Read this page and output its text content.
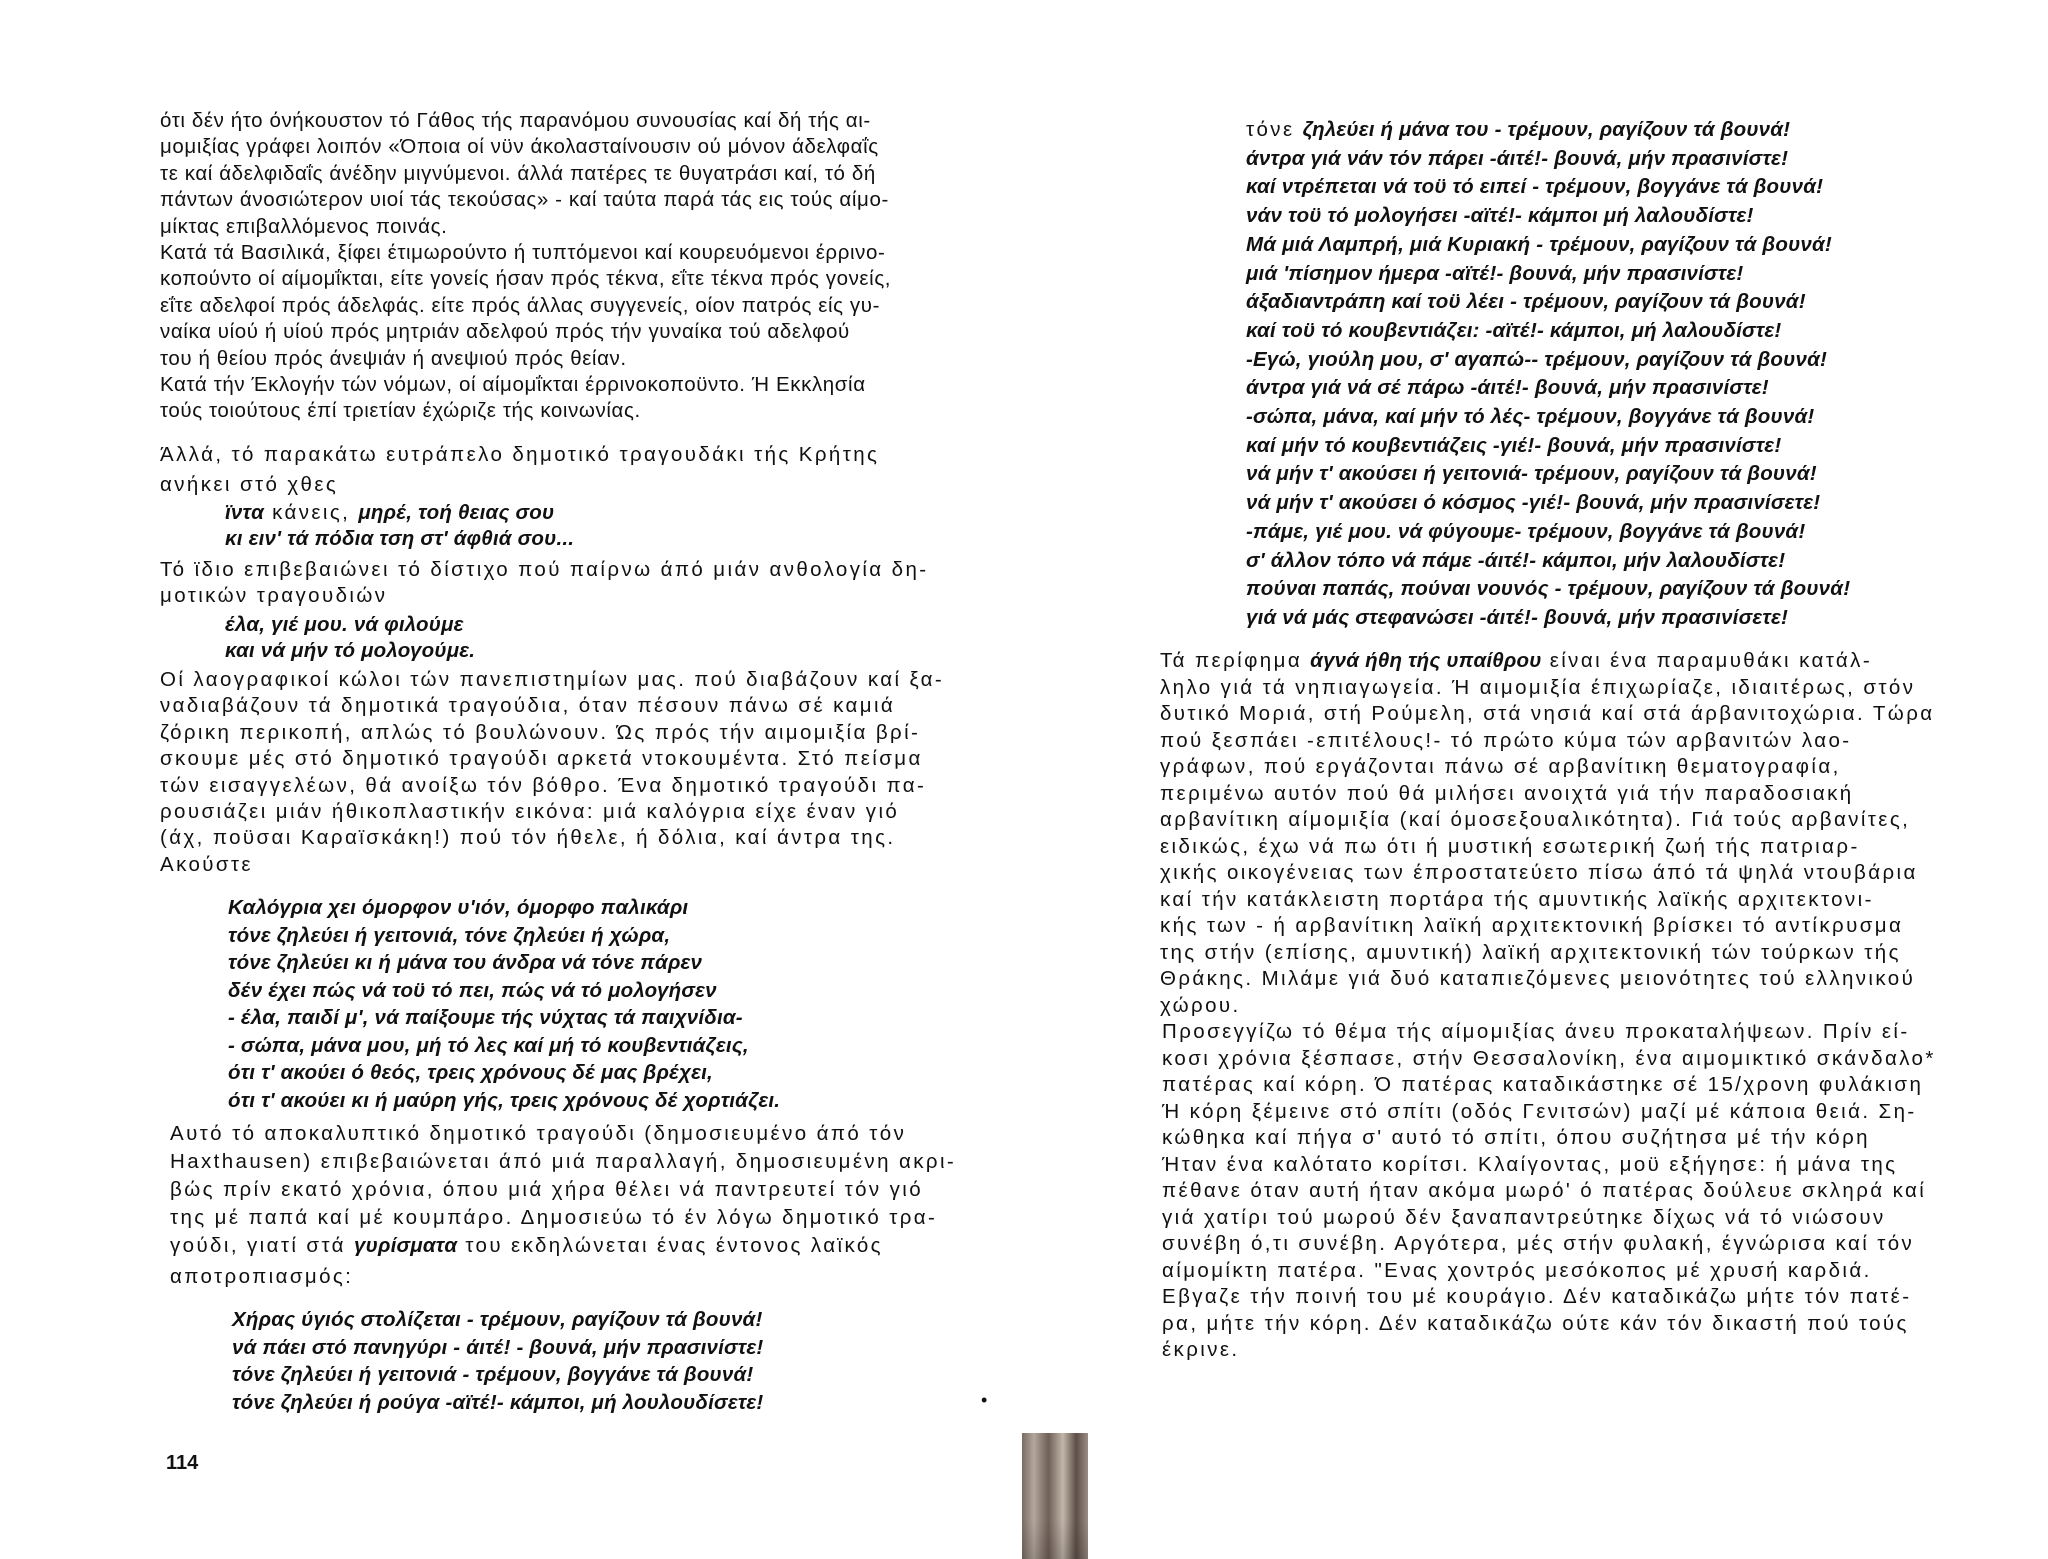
ότι δέν ήτο όνήκουστον τό Γάθος τής παρανόμου συνουσίας καί δή τής αι-
μομιξίας γράφει λοιπόν «Όποια οί νϋν άκολασταίνουσιν ού μόνον άδελφαΐς
τε καί άδελφιδαΐς άνέδην μιγνύμενοι. άλλά πατέρες τε θυγατράσι καί, τό δή
πάντων άνοσιώτερον υιοί τάς τεκούσας» - καί ταύτα παρά τάς εις τούς αίμο-
μίκτας επιβαλλόμενος ποινάς.
Κατά τά Βασιλικά, ξίφει έτιμωρούντο ή τυπτόμενοι καί κουρευόμενοι έρρινο-
κοπούντο οί αίμομΐκται, είτε γονείς ήσαν πρός τέκνα, εΐτε τέκνα πρός γονείς,
εΐτε αδελφοί πρός άδελφάς. είτε πρός άλλας συγγενείς, οίον πατρός είς γυ-
ναίκα υίού ή υίού πρός μητριάν αδελφού πρός τήν γυναίκα τού αδελφού
του ή θείου πρός άνεψιάν ή ανεψιού πρός θείαν.
Κατά τήν Έκλογήν τών νόμων, οί αίμομΐκται έρρινοκοποϋντο. Ή Εκκλησία
τούς τοιούτους έπί τριετίαν έχώριζε τής κοινωνίας.
Άλλά, τό παρακάτω ευτράπελο δημοτικό τραγουδάκι τής Κρήτης
ανήκει στό χθες
ϊντα κάνεις, μηρέ, τοή θειας σου
κι ειν' τά πόδια τση στ' άφθιά σου...
Τό ϊδιο επιβεβαιώνει τό δίστιχο πού παίρνω άπό μιάν ανθολογία δη-
μοτικών τραγουδιών
έλα, γιέ μου. νά φιλούμε
και νά μήν τό μολογούμε.
Οί λαογραφικοί κώλοι τών πανεπιστημίων μας. πού διαβάζουν καί ξα-
ναδιαβάζουν τά δημοτικά τραγούδια, όταν πέσουν πάνω σέ καμιά
ζόρικη περικοπή, απλώς τό βουλώνουν. Ώς πρός τήν αιμομιξία βρί-
σκουμε μές στό δημοτικό τραγούδι αρκετά ντοκουμέντα. Στό πείσμα
τών εισαγγελέων, θά ανοίξω τόν βόθρο. Ένα δημοτικό τραγούδι πα-
ρουσιάζει μιάν ήθικοπλαστικήν εικόνα: μιά καλόγρια είχε έναν γιό
(άχ, ποϋσαι Καραϊσκάκη!) πού τόν ήθελε, ή δόλια, καί άντρα της.
Ακούστε
Καλόγρια χει όμορφον υ'ιόν, όμορφο παλικάρι
τόνε ζηλεύει ή γειτονιά, τόνε ζηλεύει ή χώρα,
τόνε ζηλεύει κι ή μάνα του άνδρα νά τόνε πάρεν
δέν έχει πώς νά τοϋ τό πει, πώς νά τό μολογήσεν
- έλα, παιδί μ', νά παίξουμε τής νύχτας τά παιχνίδια-
- σώπα, μάνα μου, μή τό λες καί μή τό κουβεντιάζεις,
ότι τ' ακούει ό θεός, τρεις χρόνους δέ μας βρέχει,
ότι τ' ακούει κι ή μαύρη γής, τρεις χρόνους δέ χορτιάζει.
Αυτό τό αποκαλυπτικό δημοτικό τραγούδι (δημοσιευμένο άπό τόν
Haxthausen) επιβεβαιώνεται άπό μιά παραλλαγή, δημοσιευμένη ακρι-
βώς πρίν εκατό χρόνια, όπου μιά χήρα θέλει νά παντρευτεί τόν γιό
της μέ παπά καί μέ κουμπάρο. Δημοσιεύω τό έν λόγω δημοτικό τρα-
γούδι, γιατί στά γυρίσματα του εκδηλώνεται ένας έντονος λαϊκός
αποτροπιασμός:
Χήρας ύγιός στολίζεται - τρέμουν, ραγίζουν τά βουνά!
νά πάει στό πανηγύρι - άιτέ! - βουνά, μήν πρασινίστε!
τόνε ζηλεύει ή γειτονιά - τρέμουν, βογγάνε τά βουνά!
τόνε ζηλεύει ή ρούγα -αϊτέ!- κάμποι, μή λουλουδίσετε!	•
114
τόνε ζηλεύει ή μάνα του - τρέμουν, ραγίζουν τά βουνά!
άντρα γιά νάν τόν πάρει -άιτέ!- βουνά, μήν πρασινίστε!
καί ντρέπεται νά τοϋ τό ειπεί - τρέμουν, βογγάνε τά βουνά!
νάν τοϋ τό μολογήσει -αϊτέ!- κάμποι μή λαλουδίστε!
Μά μιά Λαμπρή, μιά Κυριακή - τρέμουν, ραγίζουν τά βουνά!
μιά 'πίσημον ήμερα -αϊτέ!- βουνά, μήν πρασινίστε!
άξαδιαντράπη καί τοϋ λέει - τρέμουν, ραγίζουν τά βουνά!
καί τοϋ τό κουβεντιάζει: -αϊτέ!- κάμποι, μή λαλουδίστε!
-Εγώ, γιούλη μου, σ' αγαπώ-- τρέμουν, ραγίζουν τά βουνά!
άντρα γιά νά σέ πάρω -άιτέ!- βουνά, μήν πρασινίστε!
-σώπα, μάνα, καί μήν τό λές- τρέμουν, βογγάνε τά βουνά!
καί μήν τό κουβεντιάζεις -γιέ!- βουνά, μήν πρασινίστε!
νά μήν τ' ακούσει ή γειτονιά- τρέμουν, ραγίζουν τά βουνά!
νά μήν τ' ακούσει ό κόσμος -γιέ!- βουνά, μήν πρασινίσετε!
-πάμε, γιέ μου. νά φύγουμε- τρέμουν, βογγάνε τά βουνά!
σ' άλλον τόπο νά πάμε -άιτέ!- κάμποι, μήν λαλουδίστε!
πούναι παπάς, πούναι νουνός - τρέμουν, ραγίζουν τά βουνά!
γιά νά μάς στεφανώσει -άιτέ!- βουνά, μήν πρασινίσετε!
Τά περίφημα άγνά ήθη τής υπαίθρου είναι ένα παραμυθάκι κατάλ-
ληλο γιά τά νηπιαγωγεία. Ή αιμομιξία έπιχωρίαζε, ιδιαιτέρως, στόν
δυτικό Μοριά, στή Ρούμελη, στά νησιά καί στά άρβανιτοχώρια. Τώρα
πού ξεσπάει -επιτέλους!- τό πρώτο κύμα τών αρβανιτών λαο-
γράφων, πού εργάζονται πάνω σέ αρβανίτικη θεματογραφία,
περιμένω αυτόν πού θά μιλήσει ανοιχτά γιά τήν παραδοσιακή
αρβανίτικη αίμομιξία (καί όμοσεξουαλικότητα). Γιά τούς αρβανίτες,
ειδικώς, έχω νά πω ότι ή μυστική εσωτερική ζωή τής πατριαρ-
χικής οικογένειας των έπροστατεύετο πίσω άπό τά ψηλά ντουβάρια
καί τήν κατάκλειστη πορτάρα τής αμυντικής λαϊκής αρχιτεκτονι-
κής των - ή αρβανίτικη λαϊκή αρχιτεκτονική βρίσκει τό αντίκρυσμα
της στήν (επίσης, αμυντική) λαϊκή αρχιτεκτονική τών τούρκων τής
Θράκης. Μιλάμε γιά δυό καταπιεζόμενες μειονότητες τού ελληνικού
χώρου.
Προσεγγίζω τό θέμα τής αίμομιξίας άνευ προκαταλήψεων. Πρίν εί-
κοσι χρόνια ξέσπασε, στήν Θεσσαλονίκη, ένα αιμομικτικό σκάνδαλο*
πατέρας καί κόρη. Ό πατέρας καταδικάστηκε σέ 15/χρονη φυλάκιση
Ή κόρη ξέμεινε στό σπίτι (οδός Γενιτσών) μαζί μέ κάποια θειά. Ση-
κώθηκα καί πήγα σ' αυτό τό σπίτι, όπου συζήτησα μέ τήν κόρη
Ήταν ένα καλότατο κορίτσι. Κλαίγοντας, μοϋ εξήγησε: ή μάνα της
πέθανε όταν αυτή ήταν ακόμα μωρό' ό πατέρας δούλευε σκληρά καί
γιά χατίρι τού μωρού δέν ξαναπαντρεύτηκε δίχως νά τό νιώσουν
συνέβη ό,τι συνέβη. Αργότερα, μές στήν φυλακή, έγνώρισα καί τόν
αίμομίκτη πατέρα. "Ενας χοντρός μεσόκοπος μέ χρυσή καρδιά.
Εβγαζε τήν ποινή του μέ κουράγιο. Δέν καταδικάζω μήτε τόν πατέ-
ρα, μήτε τήν κόρη. Δέν καταδικάζω ούτε κάν τόν δικαστή πού τούς
έκρινε.
